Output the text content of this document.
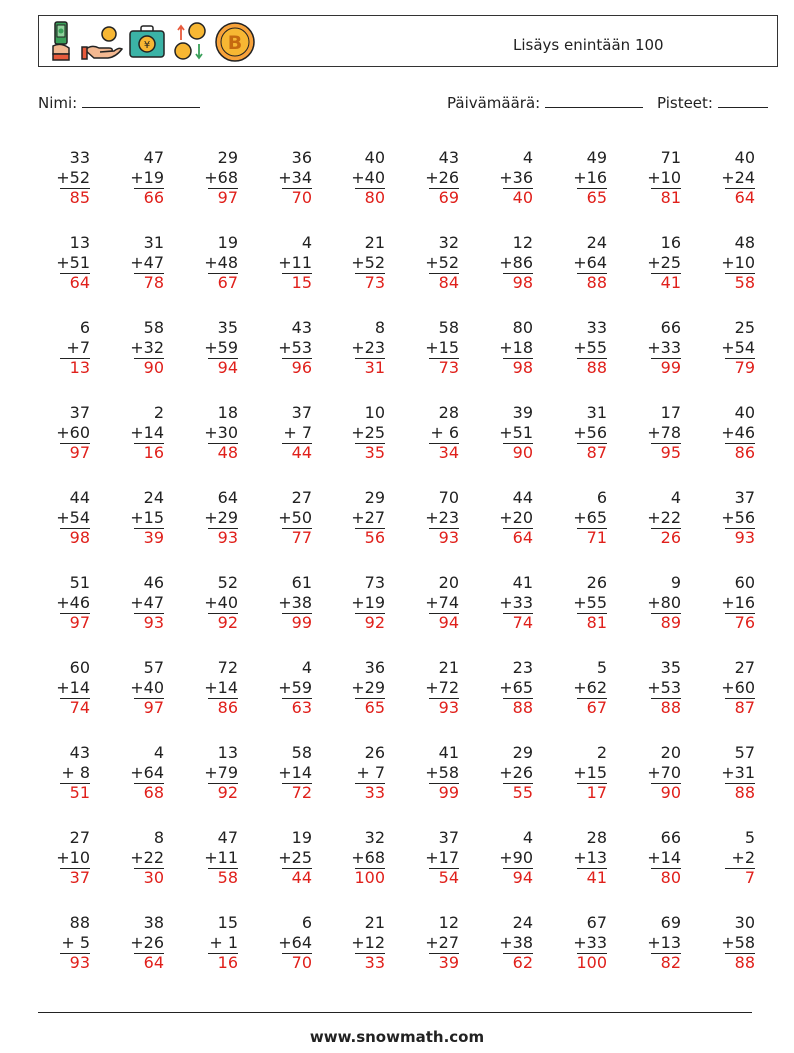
¥	B	Lisäys enintään 100
Nimi:	Päivämäärä:	Pisteet:
33
+52
85
47
+19
66
29
+68
97
36
+34
70
40
+40
80
43
+26
69
4
+36
40
49
+16
65
71
+10
81
40
+24
64
13
+51
64
31
+47
78
19
+48
67
4
+11
15
21
+52
73
32
+52
84
12
+86
98
24
+64
88
16
+25
41
48
+10
58
6
+7
13
58
+32
90
35
+59
94
43
+53
96
8
+23
31
58
+15
73
80
+18
98
33
+55
88
66
+33
99
25
+54
79
37
+60
97
2
+14
16
18
+30
48
37
+ 7
44
10
+25
35
28
+ 6
34
39
+51
90
31
+56
87
17
+78
95
40
+46
86
44
+54
98
24
+15
39
64
+29
93
27
+50
77
29
+27
56
70
+23
93
44
+20
64
6
+65
71
4
+22
26
37
+56
93
51
+46
97
46
+47
93
52
+40
92
61
+38
99
73
+19
92
20
+74
94
41
+33
74
26
+55
81
9
+80
89
60
+16
76
60
+14
74
57
+40
97
72
+14
86
4
+59
63
36
+29
65
21
+72
93
23
+65
88
5
+62
67
35
+53
88
27
+60
87
43
+ 8
51
4
+64
68
13
+79
92
58
+14
72
26
+ 7
33
41
+58
99
29
+26
55
2
+15
17
20
+70
90
57
+31
88
27
+10
37
8
+22
30
47
+11
58
19
+25
44
32
+68
100
37
+17
54
4
+90
94
28
+13
41
66
+14
80
5
+2
7
88
+ 5
93
38
+26
64
15
+ 1
16
6
+64
70
21
+12
33
12
+27
39
24
+38
62
67
+33
100
69
+13
82
30
+58
88
www.snowmath.com
